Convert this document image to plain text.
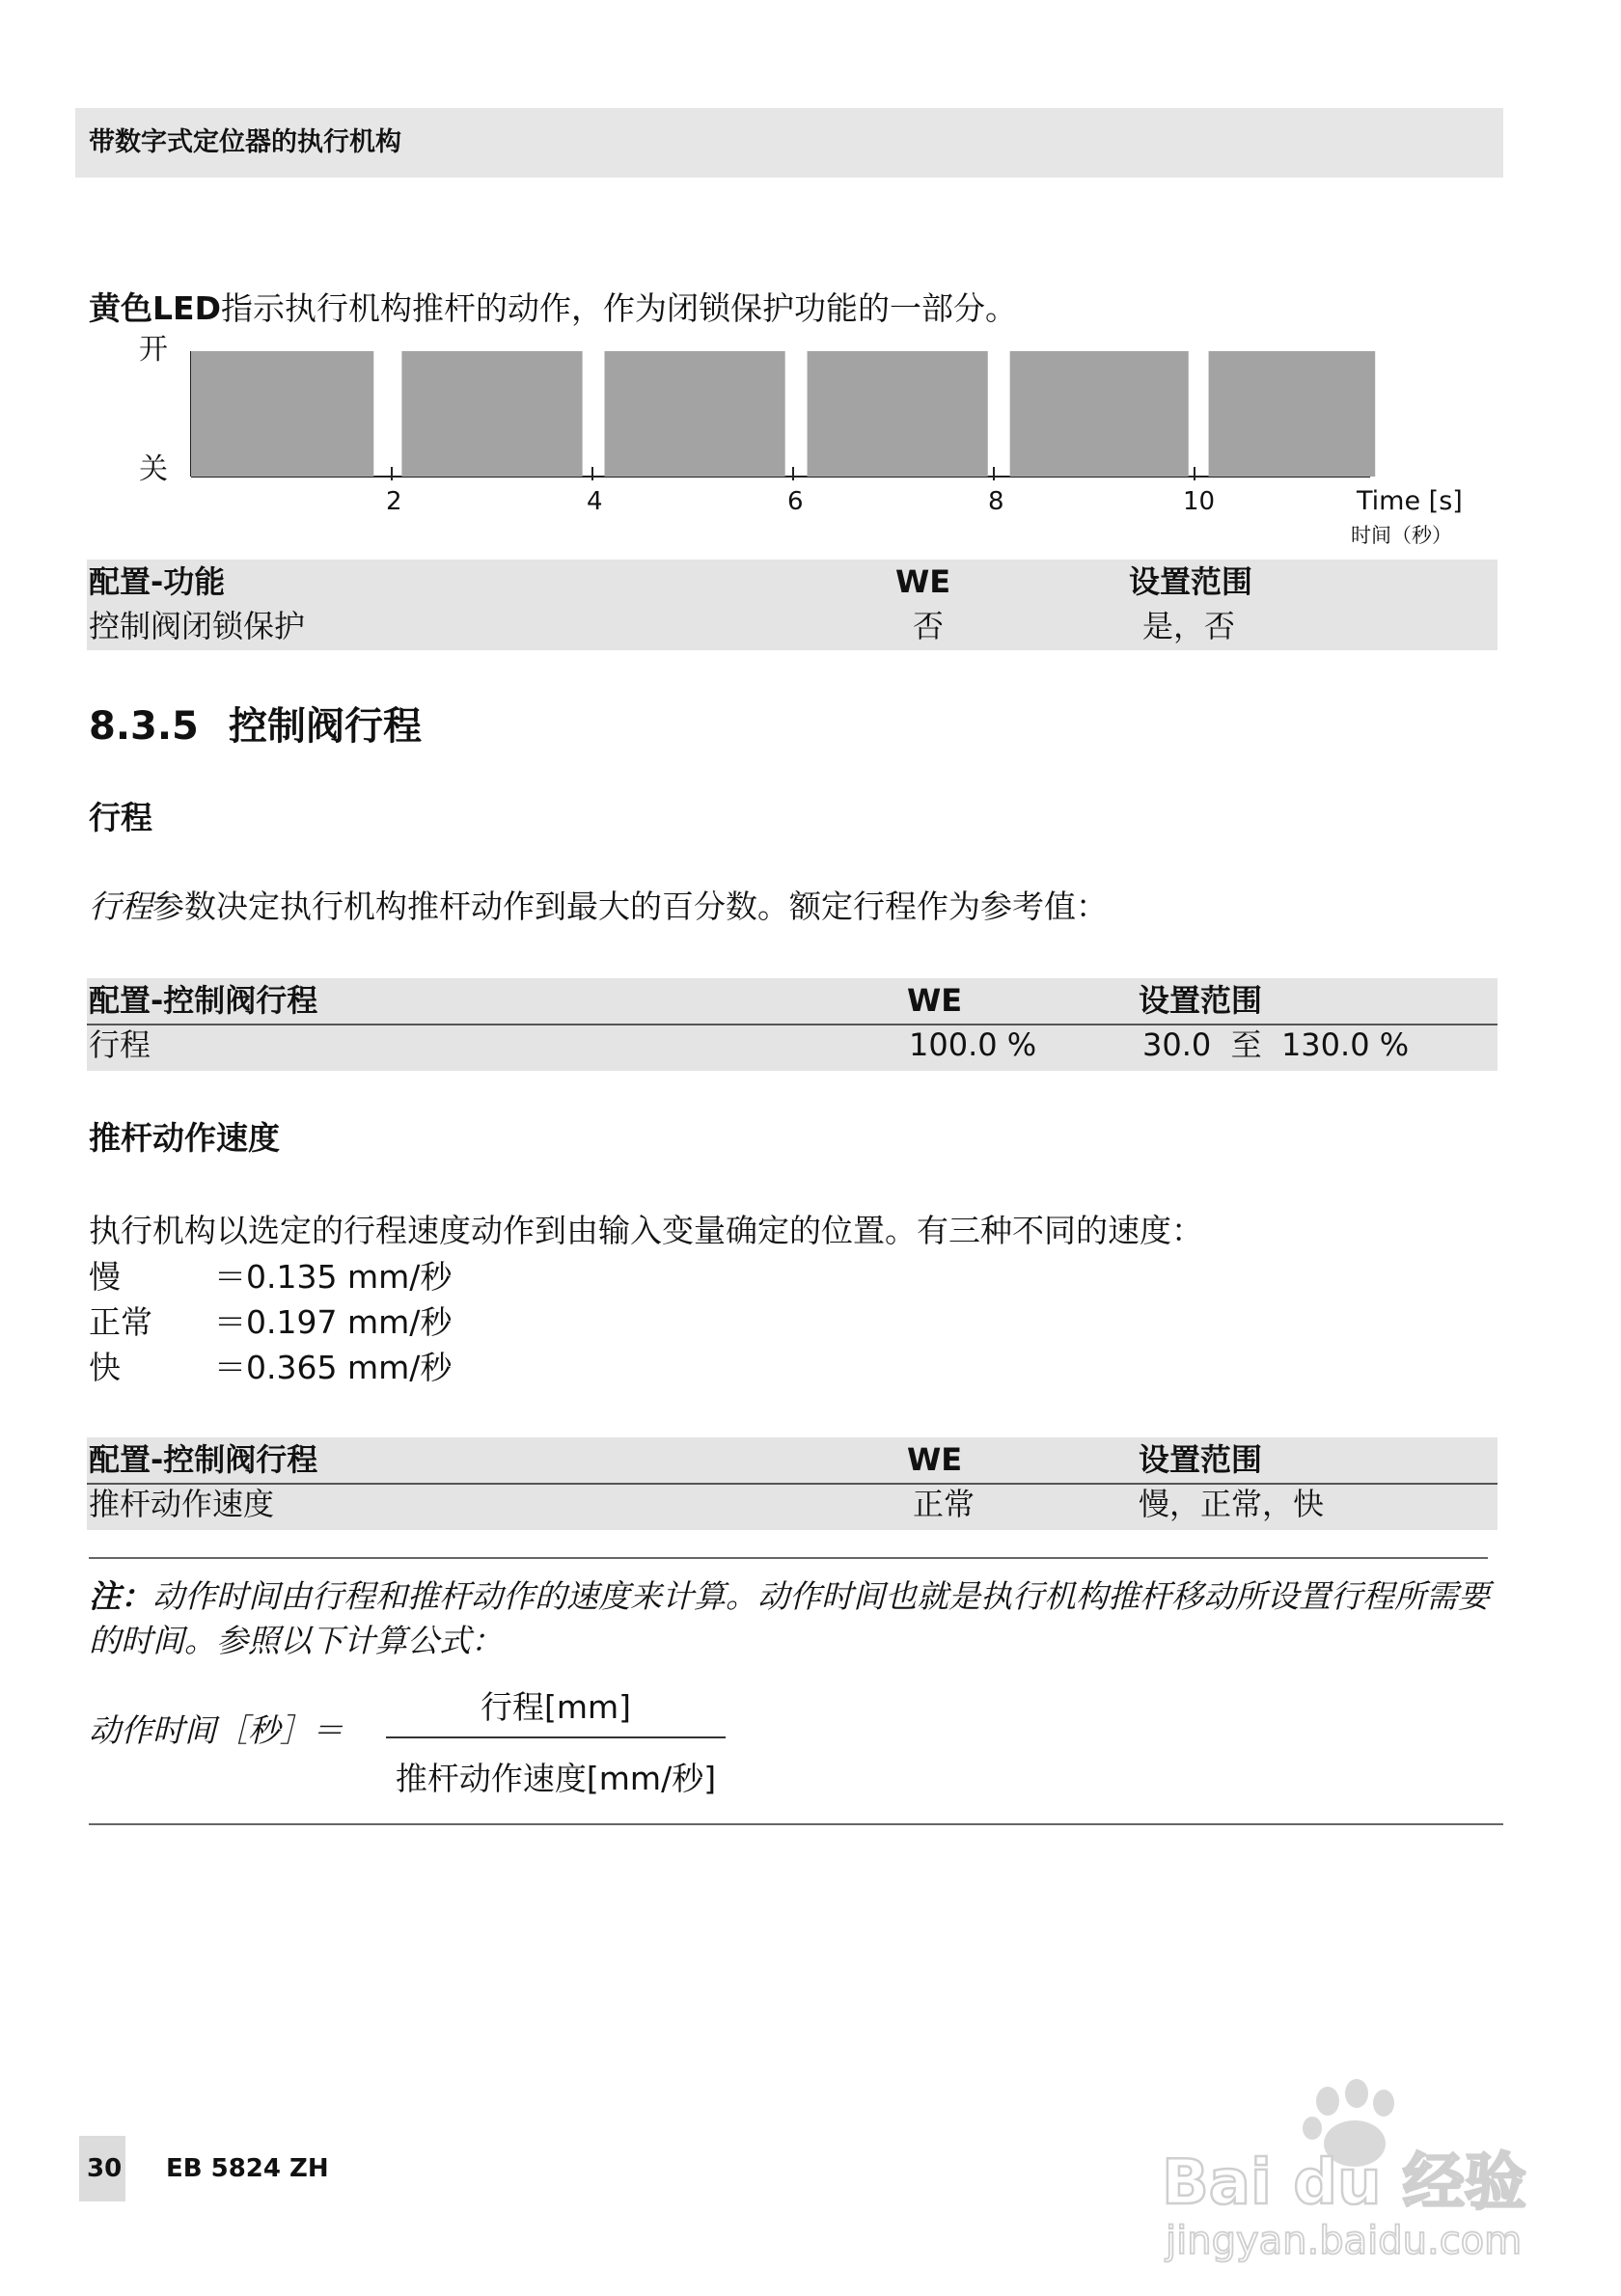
带数字式定位器的执行机构
黄色LED指示执行机构推杆的动作，作为闭锁保护功能的一部分。
开
关
2	4	6	8	10	Time [s]
时间（秒）
配置-功能	WE	设置范围
控制阀闭锁保护	否	是，否
8.3.5 控制阀行程
行程
行程参数决定执行机构推杆动作到最大的百分数。额定行程作为参考值：
配置-控制阀行程	WE	设置范围
行程	100.0 %	30.0  至  130.0 %
推杆动作速度
执行机构以选定的行程速度动作到由输入变量确定的位置。有三种不同的速度：
慢	＝0.135 mm/秒
正常 ＝0.197 mm/秒
快	＝0.365 mm/秒
配置-控制阀行程	WE	设置范围
推杆动作速度	正常	慢，正常，快
注：动作时间由行程和推杆动作的速度来计算。动作时间也就是执行机构推杆移动所设置行程所需要的时间。参照以下计算公式：
动作时间［秒］＝
行程[mm]
推杆动作速度[mm/秒]
30 EB 5824 ZH	Bai du 经验
jingyan.baidu.com
